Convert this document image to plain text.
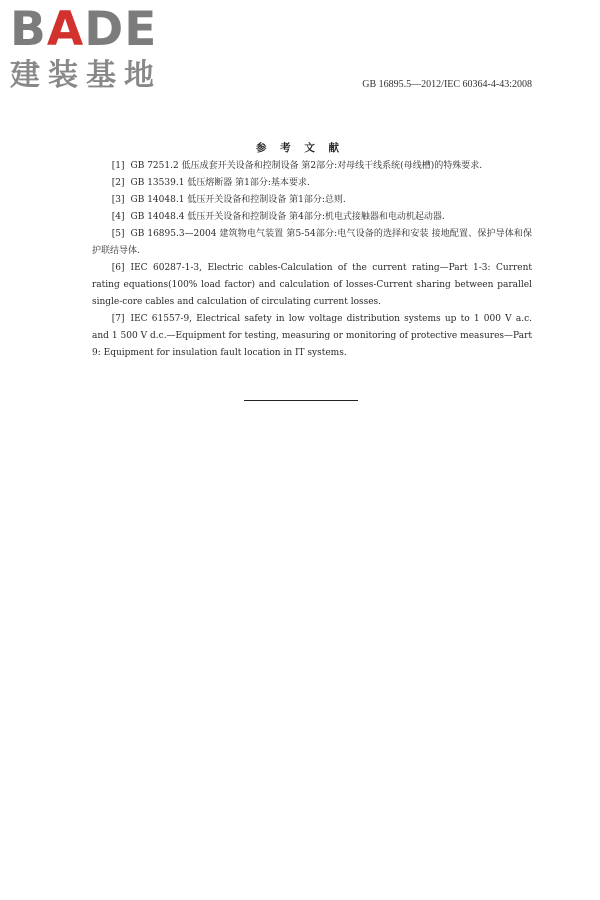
BADE
建装基地	GB 16895.5—2012/IEC 60364-4-43:2008
参 考 文 献

[1] GB 7251.2 低压成套开关设备和控制设备 第2部分:对母线干线系统(母线槽)的特殊要求.

[2] GB 13539.1 低压熔断器 第1部分:基本要求.

[3] GB 14048.1 低压开关设备和控制设备 第1部分:总则.

[4] GB 14048.4 低压开关设备和控制设备 第4部分:机电式接触器和电动机起动器.

[5] GB 16895.3—2004 建筑物电气装置 第5-54部分:电气设备的选择和安装 接地配置、保护导体和保护联结导体.

[6] IEC 60287-1-3, Electric cables-Calculation of the current rating—Part 1-3: Current rating equations(100% load factor) and calculation of losses-Current sharing between parallel single-core cables and calculation of circulating current losses.

[7] IEC 61557-9, Electrical safety in low voltage distribution systems up to 1 000 V a.c. and 1 500 V d.c.—Equipment for testing, measuring or monitoring of protective measures—Part 9: Equipment for insulation fault location in IT systems.
